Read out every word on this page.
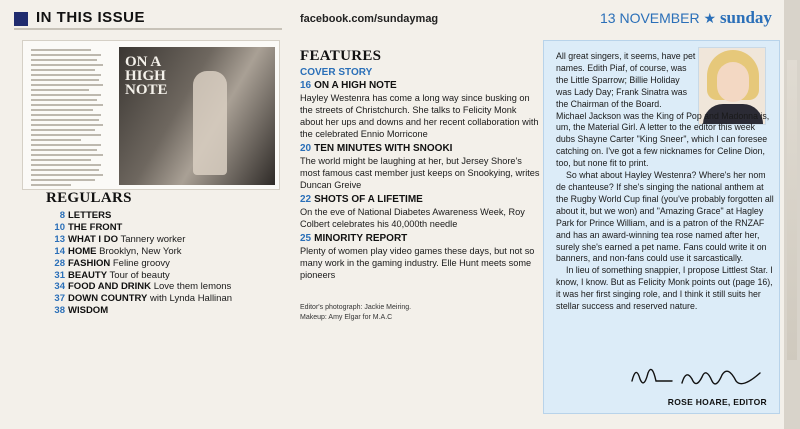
IN THIS ISSUE	facebook.com/sundaymag	13 NOVEMBER ★ sunday
ON A
HIGH
NOTE
REGULARS
8 LETTERS
10 THE FRONT
13 WHAT I DO Tannery worker
14 HOME Brooklyn, New York
28 FASHION Feline groovy
31 BEAUTY Tour of beauty
34 FOOD AND DRINK Love them lemons
37 DOWN COUNTRY with Lynda Hallinan
38 WISDOM
FEATURES
COVER STORY
16 ON A HIGH NOTE
Hayley Westenra has come a long way since busking on the streets of Christchurch. She talks to Felicity Monk about her ups and downs and her recent collaboration with the celebrated Ennio Morricone
20 TEN MINUTES WITH SNOOKI
The world might be laughing at her, but Jersey Shore's most famous cast member just keeps on Snookying, writes Duncan Greive
22 SHOTS OF A LIFETIME
On the eve of National Diabetes Awareness Week, Roy Colbert celebrates his 40,000th needle
25 MINORITY REPORT
Plenty of women play video games these days, but not so many work in the gaming industry. Elle Hunt meets some pioneers
Editor's photograph: Jackie Meiring.
Makeup: Amy Elgar for M.A.C

All great singers, it seems, have pet names. Edith Piaf, of course, was the Little Sparrow; Billie Holiday was Lady Day; Frank Sinatra was the Chairman of the Board.

Michael Jackson was the King of Pop and Madonna is, um, the Material Girl. A letter to the editor this week dubs Shayne Carter "King Sneer", which I can foresee catching on. I've got a few nicknames for Celine Dion, too, but none fit to print.

So what about Hayley Westenra? Where's her nom de chanteuse? If she's singing the national anthem at the Rugby World Cup final (you've probably forgotten all about it, but we won) and "Amazing Grace" at Hagley Park for Prince William, and is a patron of the RNZAF and has an award-winning tea rose named after her, surely she's earned a pet name. Fans could write it on banners, and non-fans could use it sarcastically.

In lieu of something snappier, I propose Littlest Star. I know, I know. But as Felicity Monk points out (page 16), it was her first singing role, and I think it still suits her stellar success and reserved nature.

ROSE HOARE, EDITOR
